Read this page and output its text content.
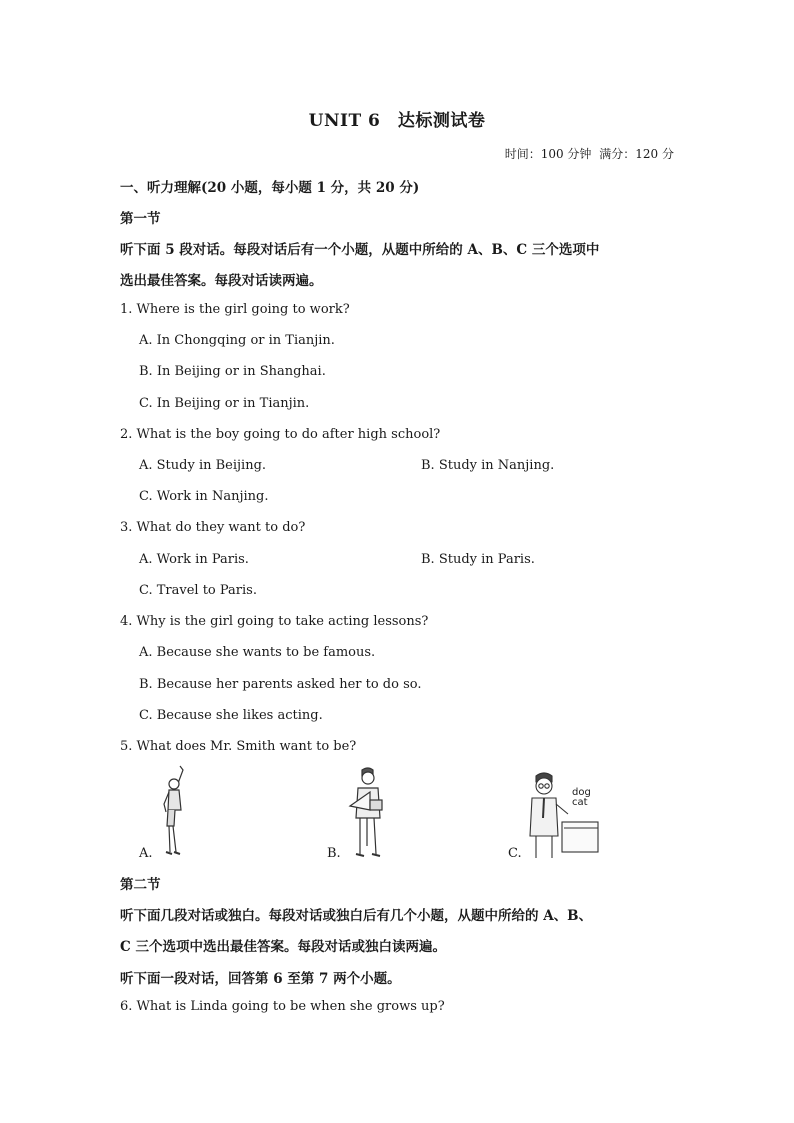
UNIT 6　达标测试卷
时间：100 分钟 满分：120 分
一、听力理解(20 小题，每小题 1 分，共 20 分)
第一节
听下面 5 段对话。每段对话后有一个小题，从题中所给的 A、B、C 三个选项中
选出最佳答案。每段对话读两遍。
1. Where is the girl going to work?
A. In Chongqing or in Tianjin.
B. In Beijing or in Shanghai.
C. In Beijing or in Tianjin.
2. What is the boy going to do after high school?
A. Study in Beijing.	B. Study in Nanjing.
C. Work in Nanjing.
3. What do they want to do?
A. Work in Paris.	B. Study in Paris.
C. Travel to Paris.
4. Why is the girl going to take acting lessons?
A. Because she wants to be famous.
B. Because her parents asked her to do so.
C. Because she likes acting.
5. What does Mr. Smith want to be?
A.	B.
dog
cat
C.
第二节
听下面几段对话或独白。每段对话或独白后有几个小题，从题中所给的 A、B、
C 三个选项中选出最佳答案。每段对话或独白读两遍。
听下面一段对话，回答第 6 至第 7 两个小题。
6. What is Linda going to be when she grows up?
